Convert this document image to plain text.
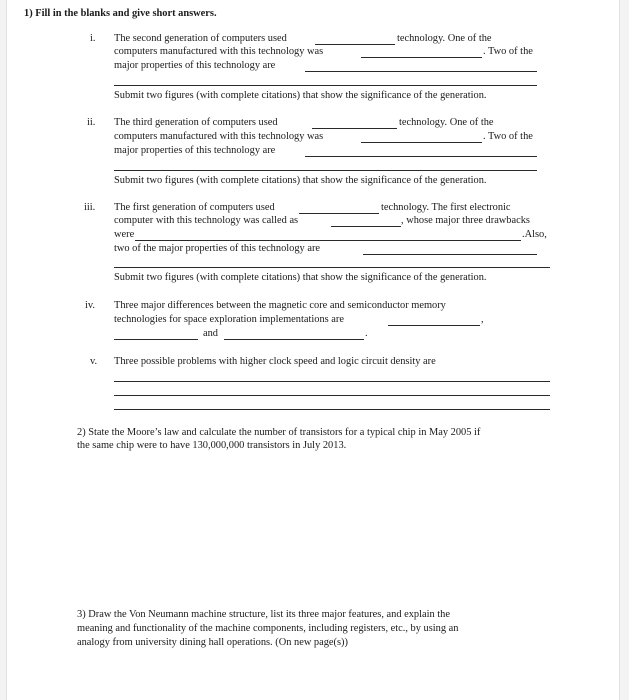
1) Fill in the blanks and give short answers.
i. The second generation of computers used	technology. One of the
computers manufactured with this technology was	. Two of the
major properties of this technology are
Submit two figures (with complete citations) that show the significance of the generation.
ii. The third generation of computers used	technology. One of the
computers manufactured with this technology was	. Two of the
major properties of this technology are
Submit two figures (with complete citations) that show the significance of the generation.
iii. The first generation of computers used	technology. The first electronic
computer with this technology was called as	, whose major three drawbacks
were	.Also,
two of the major properties of this technology are
Submit two figures (with complete citations) that show the significance of the generation.
iv. Three major differences between the magnetic core and semiconductor memory
technologies for space exploration implementations are	,
and	.
v. Three possible problems with higher clock speed and logic circuit density are
2) State the Moore’s law and calculate the number of transistors for a typical chip in May 2005 if
the same chip were to have 130,000,000 transistors in July 2013.
3) Draw the Von Neumann machine structure, list its three major features, and explain the
meaning and functionality of the machine components, including registers, etc., by using an
analogy from university dining hall operations. (On new page(s))
